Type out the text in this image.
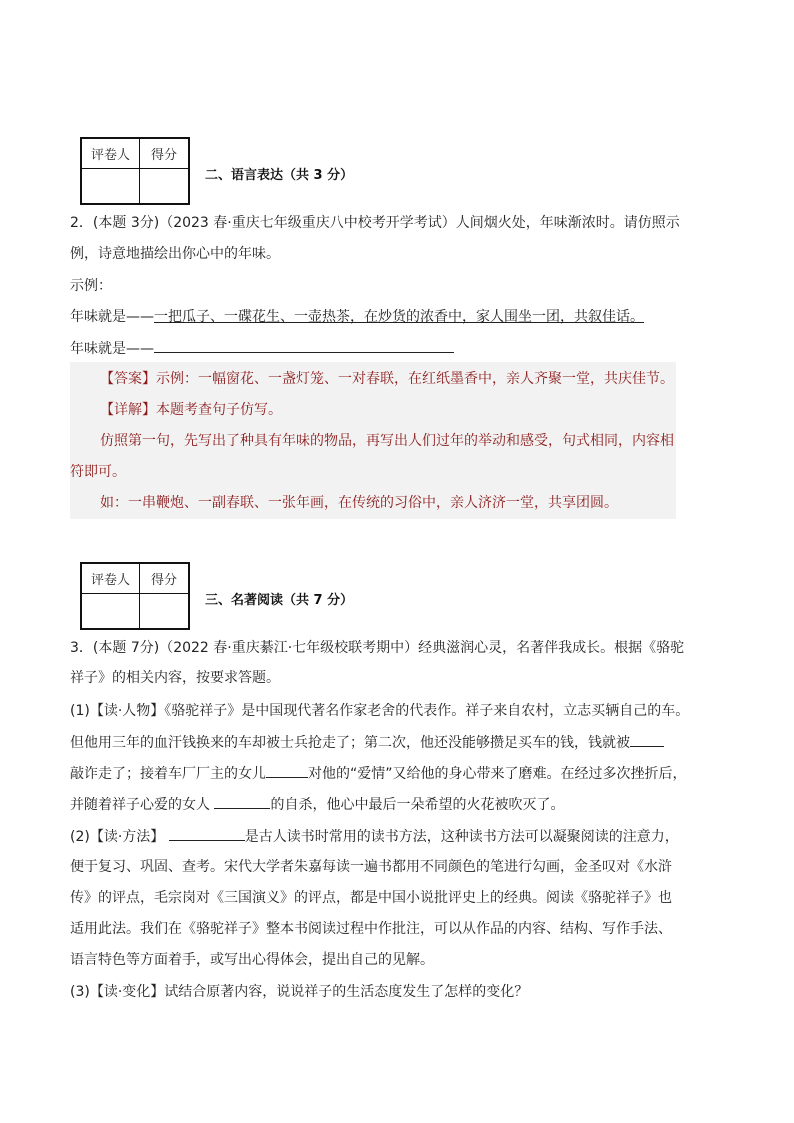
评卷人	得分
二、语言表达（共 3 分）
2．(本题 3分)（2023 春·重庆七年级重庆八中校考开学考试）人间烟火处，年味渐浓时。请仿照示
例，诗意地描绘出你心中的年味。
示例：
年味就是——一把瓜子、一碟花生、一壶热茶，在炒货的浓香中，家人围坐一团，共叙佳话。
年味就是——
【答案】示例：一幅窗花、一盏灯笼、一对春联，在红纸墨香中，亲人齐聚一堂，共庆佳节。
【详解】本题考查句子仿写。
仿照第一句，先写出了种具有年味的物品，再写出人们过年的举动和感受，句式相同，内容相
符即可。
如：一串鞭炮、一副春联、一张年画，在传统的习俗中，亲人济济一堂，共享团圆。
评卷人	得分
三、名著阅读（共 7 分）
3．(本题 7分)（2022 春·重庆綦江·七年级校联考期中）经典滋润心灵，名著伴我成长。根据《骆驼
祥子》的相关内容，按要求答题。
(1)【读·人物】《骆驼祥子》是中国现代著名作家老舍的代表作。祥子来自农村，立志买辆自己的车。
但他用三年的血汗钱换来的车却被士兵抢走了；第二次，他还没能够攒足买车的钱，钱就被
敲诈走了；接着车厂厂主的女儿	对他的“爱情”又给他的身心带来了磨难。在经过多次挫折后，
并随着祥子心爱的女人	的自杀，他心中最后一朵希望的火花被吹灭了。
(2)【读·方法】	是古人读书时常用的读书方法，这种读书方法可以凝聚阅读的注意力，
便于复习、巩固、查考。宋代大学者朱嘉每读一遍书都用不同颜色的笔进行勾画，金圣叹对《水浒
传》的评点，毛宗岗对《三国演义》的评点，都是中国小说批评史上的经典。阅读《骆驼祥子》也
适用此法。我们在《骆驼祥子》整本书阅读过程中作批注，可以从作品的内容、结构、写作手法、
语言特色等方面着手，或写出心得体会，提出自己的见解。
(3)【读·变化】试结合原著内容，说说祥子的生活态度发生了怎样的变化？
